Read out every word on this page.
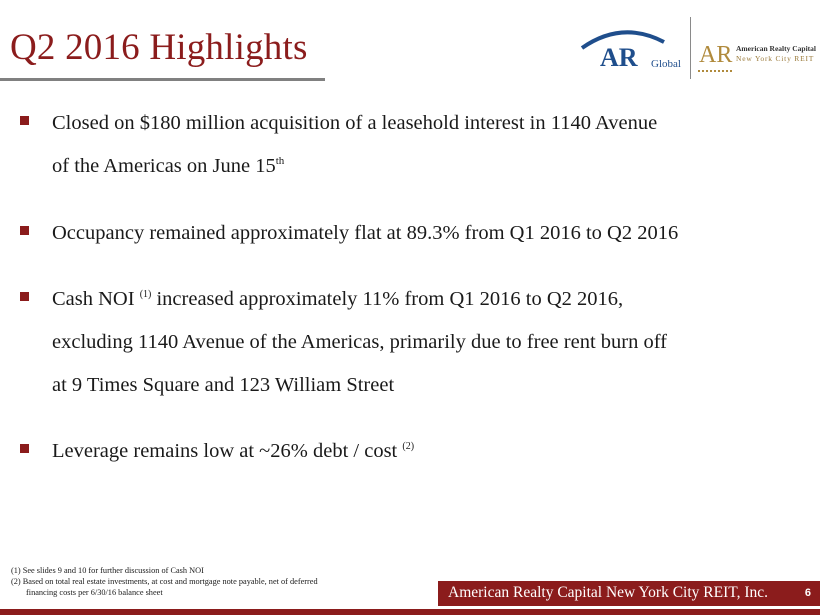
Q2 2016 Highlights	AR Global AR American Realty Capital
New York City REIT
Closed on $180 million acquisition of a leasehold interest in 1140 Avenue
of the Americas on June 15th
Occupancy remained approximately flat at 89.3% from Q1 2016 to Q2 2016
Cash NOI $^{(1)}$ increased approximately 11% from Q1 2016 to Q2 2016,
excluding 1140 Avenue of the Americas, primarily due to free rent burn off
at 9 Times Square and 123 William Street
Leverage remains low at ~26% debt / cost $^{(2)}$
(1) See slides 9 and 10 for further discussion of Cash NOI
(2) Based on total real estate investments, at cost and mortgage note payable, net of deferred
financing costs per 6/30/16 balance sheet	American Realty Capital New York City REIT, Inc.	6
